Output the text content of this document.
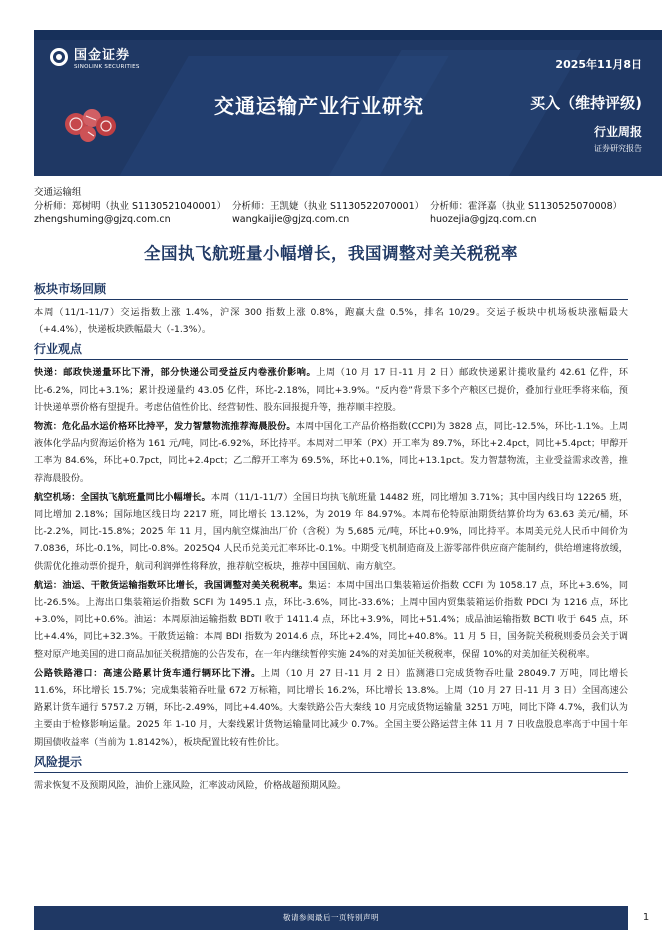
国金证券
SINOLINK SECURITIES	2025年11月8日
交通运输产业行业研究	买入（维持评级)
行业周报
证券研究报告
交通运输组
分析师：郑树明（执业 S1130521040001） 分析师：王凯婕（执业 S1130522070001） 分析师：霍泽嘉（执业 S1130525070008）
zhengshuming@gjzq.com.cn	wangkaijie@gjzq.com.cn	huozejia@gjzq.com.cn
全国执飞航班量小幅增长，我国调整对美关税税率
板块市场回顾

本周（11/1-11/7）交运指数上涨 1.4%，沪深 300 指数上涨 0.8%，跑赢大盘 0.5%，排名 10/29。交运子板块中机场板块涨幅最大（+4.4%），快递板块跌幅最大（-1.3%）。

行业观点

快递：邮政快递量环比下滑，部分快递公司受益反内卷涨价影响。上周（10 月 17 日-11 月 2 日）邮政快递累计揽收量约 42.61 亿件，环比-6.2%，同比+3.1%；累计投递量约 43.05 亿件，环比-2.18%，同比+3.9%。“反内卷”背景下多个产粮区已提价，叠加行业旺季将来临，预计快递单票价格有望提升。考虑估值性价比、经营韧性、股东回报提升等，推荐顺丰控股。

物流：危化品水运价格环比持平，发力智慧物流推荐海晨股份。本周中国化工产品价格指数(CCPI)为 3828 点，同比-12.5%，环比-1.1%。上周液体化学品内贸海运价格为 161 元/吨，同比-6.92%，环比持平。本周对二甲苯（PX）开工率为 89.7%，环比+2.4pct，同比+5.4pct；甲醇开工率为 84.6%，环比+0.7pct，同比+2.4pct；乙二醇开工率为 69.5%，环比+0.1%，同比+13.1pct。发力智慧物流，主业受益需求改善，推荐海晨股份。

航空机场：全国执飞航班量同比小幅增长。本周（11/1-11/7）全国日均执飞航班量 14482 班，同比增加 3.71%；其中国内线日均 12265 班，同比增加 2.18%；国际地区线日均 2217 班，同比增长 13.12%，为 2019 年 84.97%。本周布伦特原油期货结算价均为 63.63 美元/桶，环比-2.2%，同比-15.8%；2025 年 11 月，国内航空煤油出厂价（含税）为 5,685 元/吨，环比+0.9%，同比持平。本周美元兑人民币中间价为 7.0836，环比-0.1%，同比-0.8%。2025Q4 人民币兑美元汇率环比-0.1%。中期受飞机制造商及上游零部件供应商产能制约，供给增速将放缓，供需优化推动票价提升，航司利润弹性将释放，推荐航空板块，推荐中国国航、南方航空。

航运：油运、干散货运输指数环比增长，我国调整对美关税税率。集运：本周中国出口集装箱运价指数 CCFI 为 1058.17 点，环比+3.6%，同比-26.5%。上海出口集装箱运价指数 SCFI 为 1495.1 点，环比-3.6%，同比-33.6%；上周中国内贸集装箱运价指数 PDCI 为 1216 点，环比+3.0%，同比+0.6%。油运：本周原油运输指数 BDTI 收于 1411.4 点，环比+3.9%，同比+51.4%；成品油运输指数 BCTI 收于 645 点，环比+4.4%，同比+32.3%。干散货运输：本周 BDI 指数为 2014.6 点，环比+2.4%，同比+40.8%。11 月 5 日，国务院关税税则委员会关于调整对原产地美国的进口商品加征关税措施的公告发布，在一年内继续暂停实施 24%的对美加征关税税率，保留 10%的对美加征关税税率。

公路铁路港口：高速公路累计货车通行辆环比下滑。上周（10 月 27 日-11 月 2 日）监测港口完成货物吞吐量 28049.7 万吨，同比增长 11.6%，环比增长 15.7%；完成集装箱吞吐量 672 万标箱，同比增长 16.2%，环比增长 13.8%。上周（10 月 27 日-11 月 3 日）全国高速公路累计货车通行 5757.2 万辆，环比-2.49%，同比+4.40%。大秦铁路公告大秦线 10 月完成货物运输量 3251 万吨，同比下降 4.7%，我们认为主要由于检修影响运量。2025 年 1-10 月，大秦线累计货物运输量同比减少 0.7%。全国主要公路运营主体 11 月 7 日收盘股息率高于中国十年期国债收益率（当前为 1.8142%），板块配置比较有性价比。

风险提示

需求恢复不及预期风险，油价上涨风险，汇率波动风险，价格战超预期风险。

敬请参阅最后一页特别声明	1
